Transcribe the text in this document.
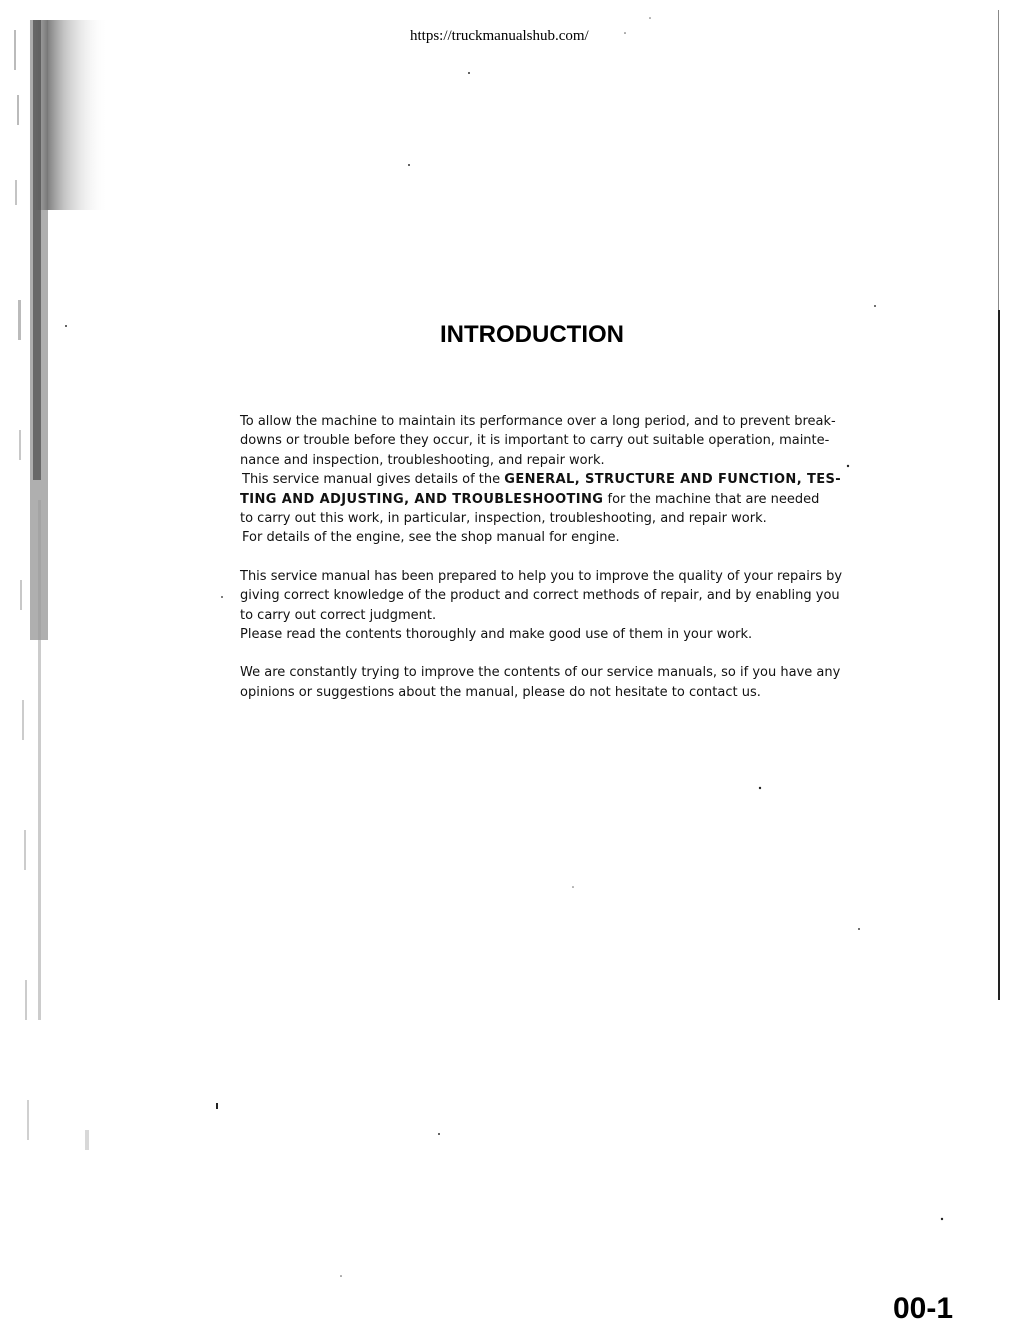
https://truckmanualshub.com/
INTRODUCTION
To allow the machine to maintain its performance over a long period, and to prevent break-
downs or trouble before they occur, it is important to carry out suitable operation, mainte-
nance and inspection, troubleshooting, and repair work.
This service manual gives details of the GENERAL, STRUCTURE AND FUNCTION, TES-
TING AND ADJUSTING, AND TROUBLESHOOTING for the machine that are needed
to carry out this work, in particular, inspection, troubleshooting, and repair work.
For details of the engine, see the shop manual for engine.
This service manual has been prepared to help you to improve the quality of your repairs by
giving correct knowledge of the product and correct methods of repair, and by enabling you
to carry out correct judgment.
Please read the contents thoroughly and make good use of them in your work.
We are constantly trying to improve the contents of our service manuals, so if you have any
opinions or suggestions about the manual, please do not hesitate to contact us.
00-1
